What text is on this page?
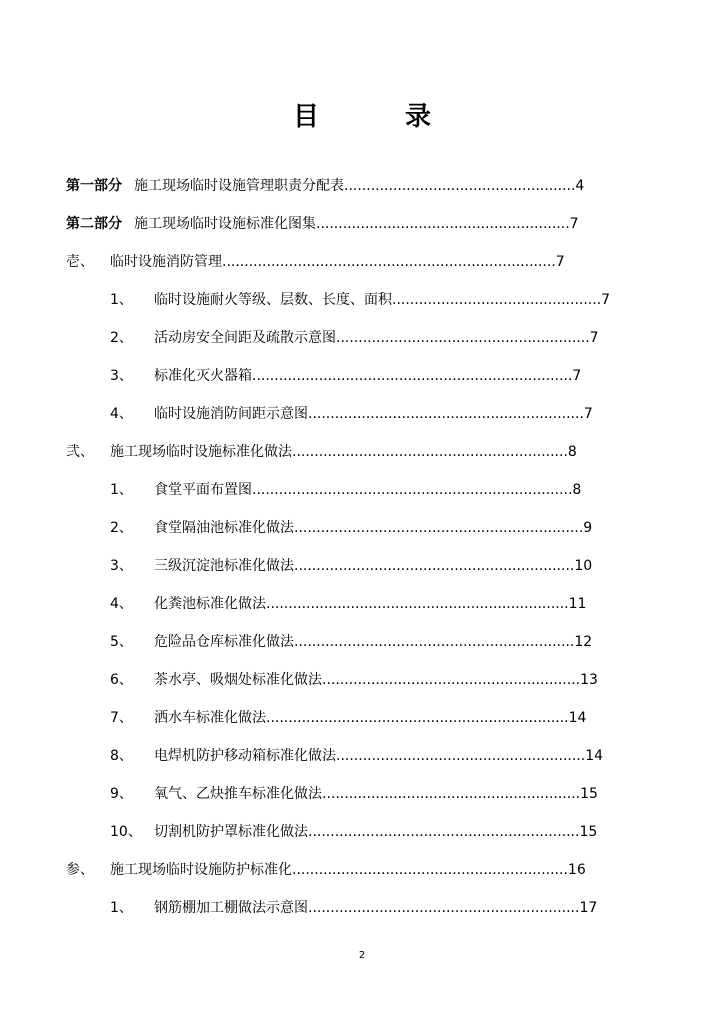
目　录
第一部分 施工现场临时设施管理职责分配表....................................................4
第二部分 施工现场临时设施标准化图集.........................................................7
壱、 临时设施消防管理...........................................................................7
1、 临时设施耐火等级、层数、长度、面积...............................................7
2、 活动房安全间距及疏散示意图.........................................................7
3、 标准化灭火器箱........................................................................7
4、 临时设施消防间距示意图..............................................................7
弐、 施工现场临时设施标准化做法..............................................................8
1、 食堂平面布置图........................................................................8
2、 食堂隔油池标准化做法.................................................................9
3、 三级沉淀池标准化做法...............................................................10
4、 化粪池标准化做法....................................................................11
5、 危险品仓库标准化做法...............................................................12
6、 茶水亭、吸烟处标准化做法..........................................................13
7、 洒水车标准化做法....................................................................14
8、 电焊机防护移动箱标准化做法........................................................14
9、 氧气、乙炔推车标准化做法..........................................................15
10、 切割机防护罩标准化做法.............................................................15
参、 施工现场临时设施防护标准化..............................................................16
1、 钢筋棚加工棚做法示意图.............................................................17
2
